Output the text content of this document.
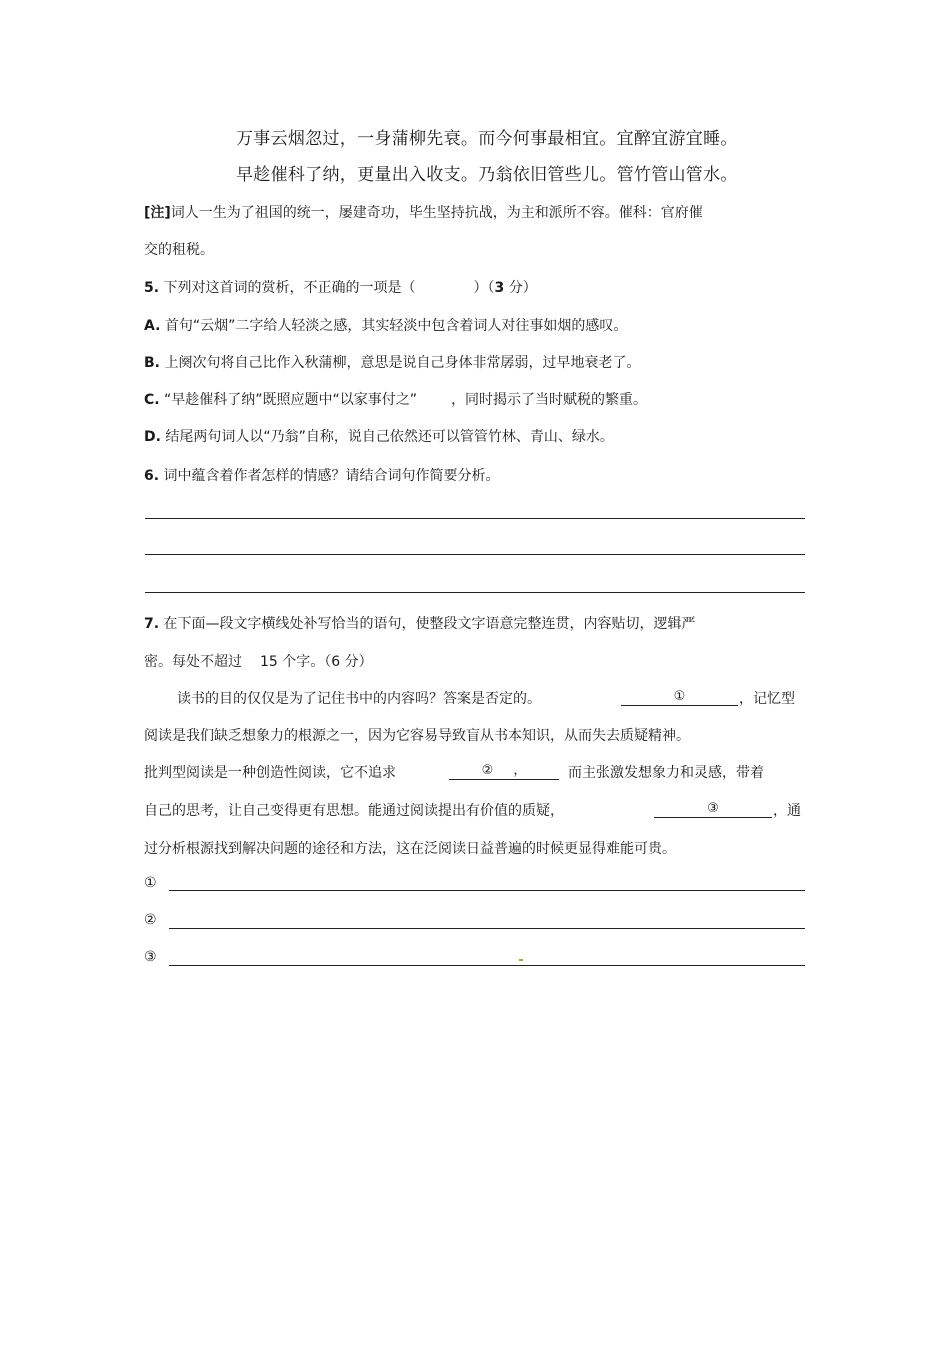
万事云烟忽过，一身蒲柳先衰。而今何事最相宜。宜醉宜游宜睡。
早趁催科了纳，更量出入收支。乃翁依旧管些儿。管竹管山管水。
[注]词人一生为了祖国的统一，屡建奇功，毕生坚持抗战，为主和派所不容。催科：官府催
交的租税。
5. 下列对这首词的赏析，不正确的一项是（	）（3 分）
A. 首句“云烟”二字给人轻淡之感，其实轻淡中包含着词人对往事如烟的感叹。
B. 上阕次句将自己比作入秋蒲柳，意思是说自己身体非常孱弱，过早地衰老了。
C. “早趁催科了纳”既照应题中“以家事付之” ，同时揭示了当时赋税的繁重。
D. 结尾两句词人以“乃翁”自称，说自己依然还可以管管竹林、青山、绿水。
6. 词中蕴含着作者怎样的情感？请结合词句作简要分析。
7. 在下面—段文字横线处补写恰当的语句，使整段文字语意完整连贯，内容贴切，逻辑严
密。每处不超过 15 个字。（6 分）
读书的目的仅仅是为了记住书中的内容吗？答案是否定的。	①	，记忆型
阅读是我们缺乏想象力的根源之一，因为它容易导致盲从书本知识，从而失去质疑精神。
批判型阅读是一种创造性阅读，它不追求	② ，	而主张激发想象力和灵感，带着
自己的思考，让自己变得更有思想。能通过阅读提出有价值的质疑，	③	，通
过分析根源找到解决问题的途径和方法，这在泛阅读日益普遍的时候更显得难能可贵。
①
②
③
